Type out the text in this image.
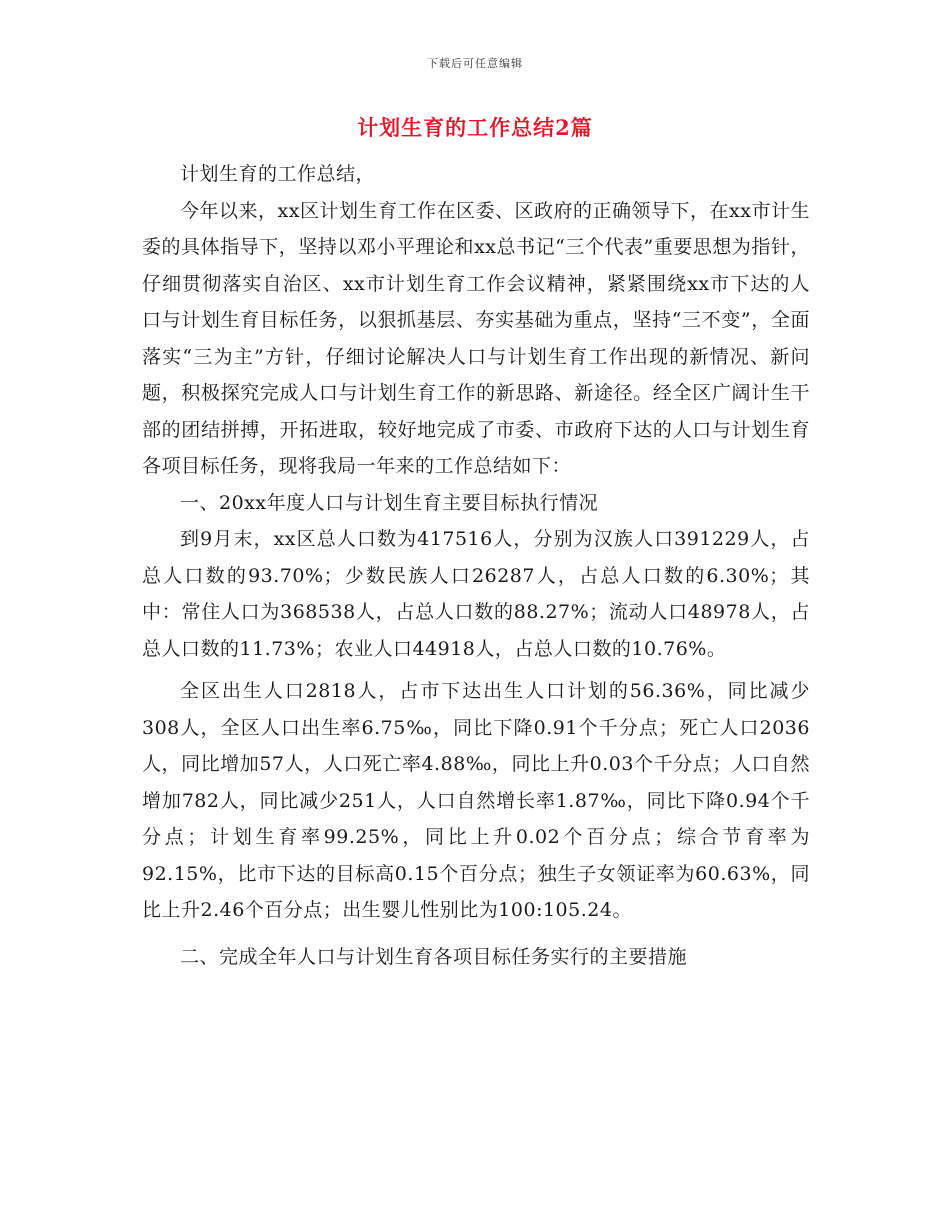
下载后可任意编辑
计划生育的工作总结2篇

计划生育的工作总结，

今年以来，xx区计划生育工作在区委、区政府的正确领导下，在xx市计生委的具体指导下，坚持以邓小平理论和xx总书记“三个代表”重要思想为指针，仔细贯彻落实自治区、xx市计划生育工作会议精神，紧紧围绕xx市下达的人口与计划生育目标任务，以狠抓基层、夯实基础为重点，坚持“三不变”，全面落实“三为主”方针，仔细讨论解决人口与计划生育工作出现的新情况、新问题，积极探究完成人口与计划生育工作的新思路、新途径。经全区广阔计生干部的团结拼搏，开拓进取，较好地完成了市委、市政府下达的人口与计划生育各项目标任务，现将我局一年来的工作总结如下：

一、20xx年度人口与计划生育主要目标执行情况

到9月末，xx区总人口数为417516人，分别为汉族人口391229人，占总人口数的93.70%；少数民族人口26287人，占总人口数的6.30%；其中：常住人口为368538人，占总人口数的88.27%；流动人口48978人，占总人口数的11.73%；农业人口44918人，占总人口数的10.76%。

全区出生人口2818人，占市下达出生人口计划的56.36%，同比减少308人，全区人口出生率6.75‰，同比下降0.91个千分点；死亡人口2036人，同比增加57人，人口死亡率4.88‰，同比上升0.03个千分点；人口自然增加782人，同比减少251人，人口自然增长率1.87‰，同比下降0.94个千分点；计划生育率99.25%，同比上升0.02个百分点；综合节育率为92.15%，比市下达的目标高0.15个百分点；独生子女领证率为60.63%，同比上升2.46个百分点；出生婴儿性别比为100:105.24。

二、完成全年人口与计划生育各项目标任务实行的主要措施
